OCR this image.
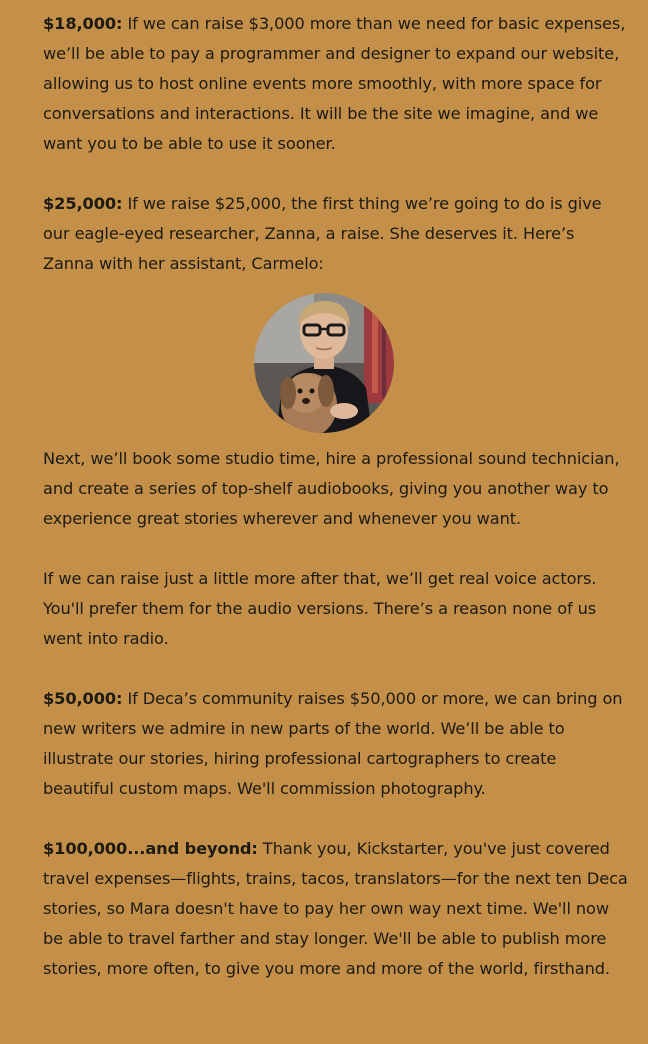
$18,000: If we can raise $3,000 more than we need for basic expenses, we’ll be able to pay a programmer and designer to expand our website, allowing us to host online events more smoothly, with more space for conversations and interactions. It will be the site we imagine, and we want you to be able to use it sooner.

$25,000: If we raise $25,000, the first thing we’re going to do is give our eagle-eyed researcher, Zanna, a raise. She deserves it. Here’s Zanna with her assistant, Carmelo:

Next, we’ll book some studio time, hire a professional sound technician, and create a series of top-shelf audiobooks, giving you another way to experience great stories wherever and whenever you want.

If we can raise just a little more after that, we’ll get real voice actors. You'll prefer them for the audio versions. There’s a reason none of us went into radio.

$50,000: If Deca’s community raises $50,000 or more, we can bring on new writers we admire in new parts of the world. We’ll be able to illustrate our stories, hiring professional cartographers to create beautiful custom maps. We'll commission photography.

$100,000...and beyond: Thank you, Kickstarter, you've just covered travel expenses—flights, trains, tacos, translators—for the next ten Deca stories, so Mara doesn't have to pay her own way next time. We'll now be able to travel farther and stay longer. We'll be able to publish more stories, more often, to give you more and more of the world, firsthand.
